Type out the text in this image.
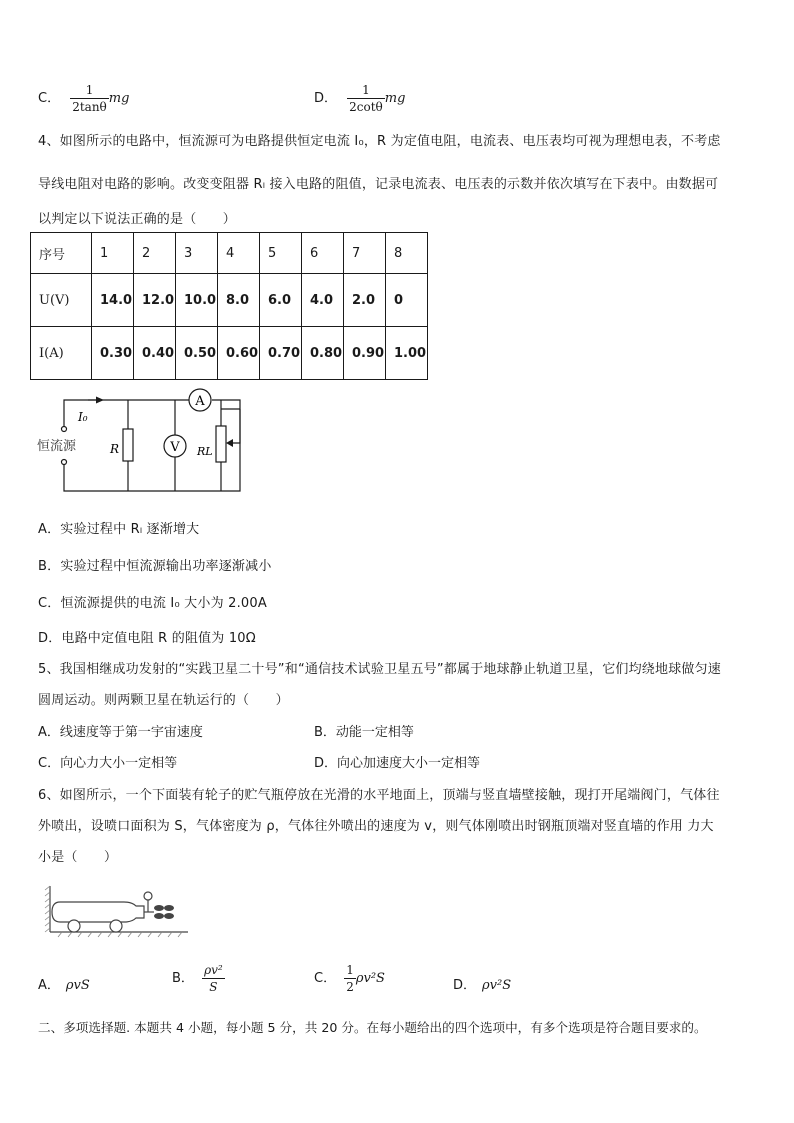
C． $\frac{1}{2\tan\theta}$ mg	D． $\frac{1}{2\cot\theta}$ mg
4、如图所示的电路中，恒流源可为电路提供恒定电流 I₀，R 为定值电阻，电流表、电压表均可视为理想电表，不考虑
导线电阻对电路的影响。改变变阻器 Rₗ 接入电路的阻值，记录电流表、电压表的示数并依次填写在下表中。由数据可
以判定以下说法正确的是（　　）
序号	1	2	3	4	5	6	7	8
U(V)	14.0	12.0	10.0	8.0	6.0	4.0	2.0	0
I(A)	0.30	0.40	0.50	0.60	0.70	0.80	0.90	1.00
A
V
I₀
R	RL
恒流源
A．实验过程中 Rₗ 逐渐增大
B．实验过程中恒流源输出功率逐渐减小
C．恒流源提供的电流 I₀ 大小为 2.00A
D．电路中定值电阻 R 的阻值为 10Ω
5、我国相继成功发射的“实践卫星二十号”和“通信技术试验卫星五号”都属于地球静止轨道卫星，它们均绕地球做匀速
圆周运动。则两颗卫星在轨运行的（　　）
A．线速度等于第一宇宙速度	B．动能一定相等
C．向心力大小一定相等	D．向心加速度大小一定相等
6、如图所示，一个下面装有轮子的贮气瓶停放在光滑的水平地面上，顶端与竖直墙壁接触，现打开尾端阀门，气体往
外喷出，设喷口面积为 S，气体密度为 ρ，气体往外喷出的速度为 v，则气体刚喷出时钢瓶顶端对竖直墙的作用 力大
小是（　　）
A． ρvS	B． $\frac{\text{ρv²}}{S}$	C． $\frac{1}{2} \rho v^2S$	D． ρv²S
二、多项选择题. 本题共 4 小题，每小题 5 分，共 20 分。在每小题给出的四个选项中，有多个选项是符合题目要求的。
